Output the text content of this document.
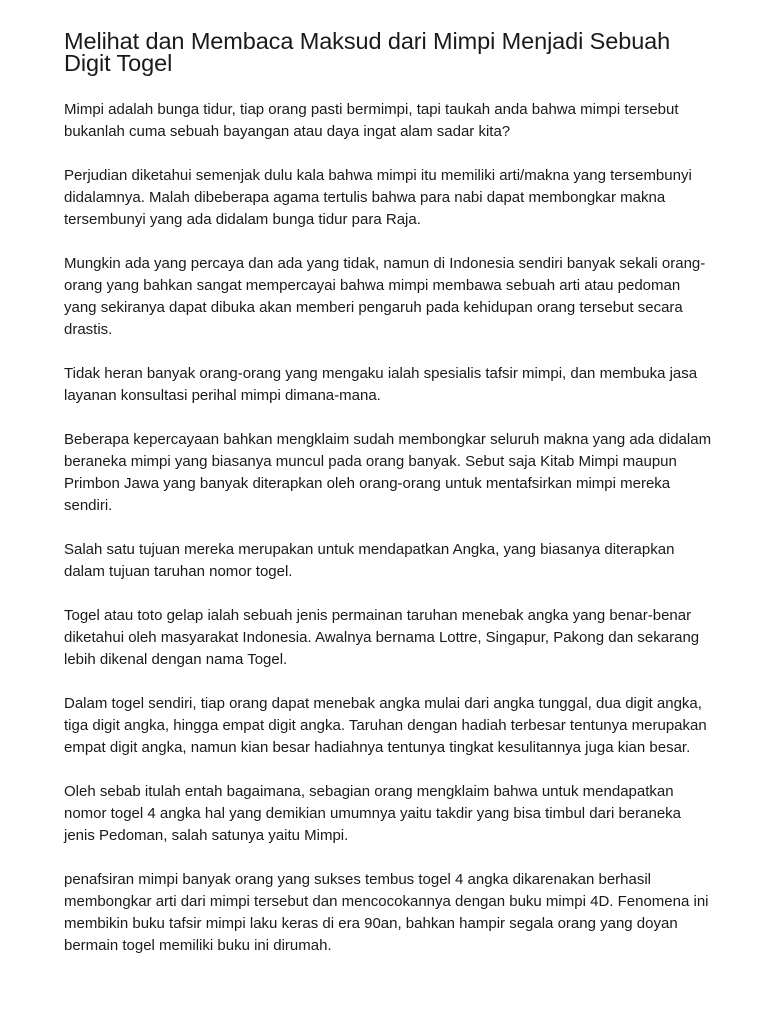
Melihat dan Membaca Maksud dari Mimpi Menjadi Sebuah Digit Togel

Mimpi adalah bunga tidur, tiap orang pasti bermimpi, tapi taukah anda bahwa mimpi tersebut bukanlah cuma sebuah bayangan atau daya ingat alam sadar kita?

Perjudian diketahui semenjak dulu kala bahwa mimpi itu memiliki arti/makna yang tersembunyi didalamnya. Malah dibeberapa agama tertulis bahwa para nabi dapat membongkar makna tersembunyi yang ada didalam bunga tidur para Raja.

Mungkin ada yang percaya dan ada yang tidak, namun di Indonesia sendiri banyak sekali orang-orang yang bahkan sangat mempercayai bahwa mimpi membawa sebuah arti atau pedoman yang sekiranya dapat dibuka akan memberi pengaruh pada kehidupan orang tersebut secara drastis.

Tidak heran banyak orang-orang yang mengaku ialah spesialis tafsir mimpi, dan membuka jasa layanan konsultasi perihal mimpi dimana-mana.

Beberapa kepercayaan bahkan mengklaim sudah membongkar seluruh makna yang ada didalam beraneka mimpi yang biasanya muncul pada orang banyak. Sebut saja Kitab Mimpi maupun Primbon Jawa yang banyak diterapkan oleh orang-orang untuk mentafsirkan mimpi mereka sendiri.

Salah satu tujuan mereka merupakan untuk mendapatkan Angka, yang biasanya diterapkan dalam tujuan taruhan nomor togel.

Togel atau toto gelap ialah sebuah jenis permainan taruhan menebak angka yang benar-benar diketahui oleh masyarakat Indonesia. Awalnya bernama Lottre, Singapur, Pakong dan sekarang lebih dikenal dengan nama Togel.

Dalam togel sendiri, tiap orang dapat menebak angka mulai dari angka tunggal, dua digit angka, tiga digit angka, hingga empat digit angka. Taruhan dengan hadiah terbesar tentunya merupakan empat digit angka, namun kian besar hadiahnya tentunya tingkat kesulitannya juga kian besar.

Oleh sebab itulah entah bagaimana, sebagian orang mengklaim bahwa untuk mendapatkan nomor togel 4 angka hal yang demikian umumnya yaitu takdir yang bisa timbul dari beraneka jenis Pedoman, salah satunya yaitu Mimpi.

penafsiran mimpi banyak orang yang sukses tembus togel 4 angka dikarenakan berhasil membongkar arti dari mimpi tersebut dan mencocokannya dengan buku mimpi 4D. Fenomena ini membikin buku tafsir mimpi laku keras di era 90an, bahkan hampir segala orang yang doyan bermain togel memiliki buku ini dirumah.
